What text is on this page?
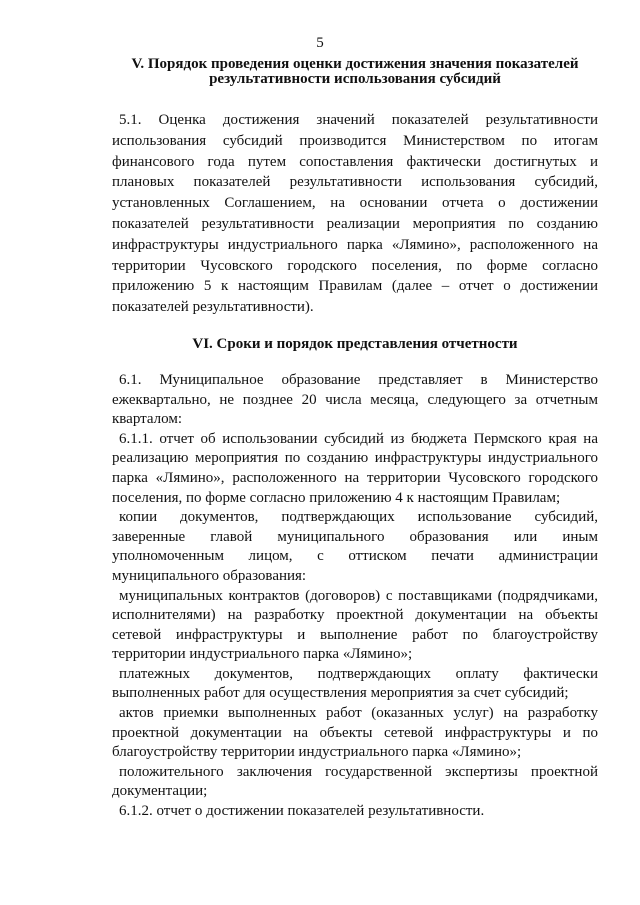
5
V. Порядок проведения оценки достижения значения показателей
результативности использования субсидий

5.1. Оценка достижения значений показателей результативности использования субсидий производится Министерством по итогам финансового года путем сопоставления фактически достигнутых и плановых показателей результативности использования субсидий, установленных Соглашением, на основании отчета о достижении показателей результативности реализации мероприятия по созданию инфраструктуры индустриального парка «Лямино», расположенного на территории Чусовского городского поселения, по форме согласно приложению 5 к настоящим Правилам (далее – отчет о достижении показателей результативности).

VI. Сроки и порядок представления отчетности

6.1. Муниципальное образование представляет в Министерство ежеквартально, не позднее 20 числа месяца, следующего за отчетным кварталом:

6.1.1. отчет об использовании субсидий из бюджета Пермского края на реализацию мероприятия по созданию инфраструктуры индустриального парка «Лямино», расположенного на территории Чусовского городского поселения, по форме согласно приложению 4 к настоящим Правилам;

копии документов, подтверждающих использование субсидий, заверенные главой муниципального образования или иным уполномоченным лицом, с оттиском печати администрации муниципального образования:

муниципальных контрактов (договоров) с поставщиками (подрядчиками, исполнителями) на разработку проектной документации на объекты сетевой инфраструктуры и выполнение работ по благоустройству территории индустриального парка «Лямино»;

платежных документов, подтверждающих оплату фактически выполненных работ для осуществления мероприятия за счет субсидий;

актов приемки выполненных работ (оказанных услуг) на разработку проектной документации на объекты сетевой инфраструктуры и по благоустройству территории индустриального парка «Лямино»;

положительного заключения государственной экспертизы проектной документации;

6.1.2. отчет о достижении показателей результативности.
